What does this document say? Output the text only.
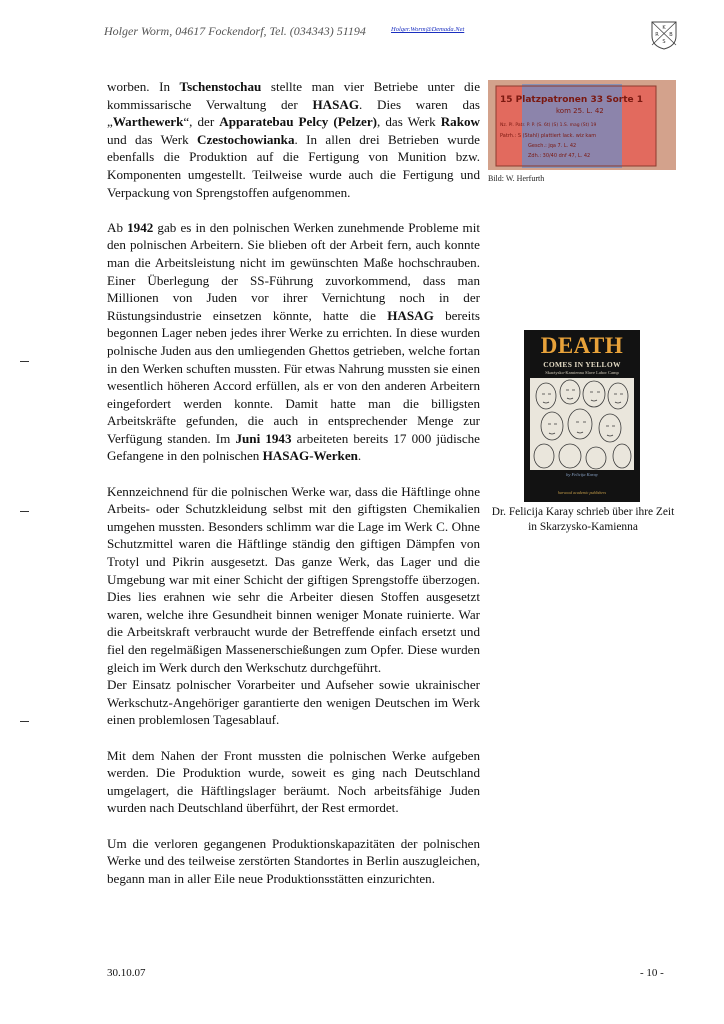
Holger Worm, 04617 Fockendorf, Tel. (034343) 51194	Holger.Worm@Demada.Net	K
R B
S

worben. In Tschenstochau stellte man vier Betriebe unter die kommissarische Verwaltung der HASAG. Dies waren das „Warthewerk“, der Apparatebau Pelcy (Pelzer), das Werk Rakow und das Werk Czestochowianka. In allen drei Betrieben wurde ebenfalls die Produktion auf die Fertigung von Munition bzw. Komponenten umgestellt. Teilweise wurde auch die Fertigung und Verpackung von Sprengstoffen aufgenommen.

Ab 1942 gab es in den polnischen Werken zunehmende Probleme mit den polnischen Arbeitern. Sie blieben oft der Arbeit fern, auch konnte man die Arbeitsleistung nicht im gewünschten Maße hochschrauben. Einer Überlegung der SS-Führung zuvorkommend, dass man Millionen von Juden vor ihrer Vernichtung noch in der Rüstungsindustrie einsetzen könnte, hatte die HASAG bereits begonnen Lager neben jedes ihrer Werke zu errichten. In diese wurden polnische Juden aus den umliegenden Ghettos getrieben, welche fortan in den Werken schuften mussten. Für etwas Nahrung mussten sie einen wesentlich höheren Accord erfüllen, als er von den anderen Arbeitern eingefordert werden konnte. Damit hatte man die billigsten Arbeitskräfte gefunden, die auch in entsprechender Menge zur Verfügung standen. Im Juni 1943 arbeiteten bereits 17 000 jüdische Gefangene in den polnischen HASAG-Werken.

Kennzeichnend für die polnischen Werke war, dass die Häftlinge ohne Arbeits- oder Schutzkleidung selbst mit den giftigsten Chemikalien umgehen mussten. Besonders schlimm war die Lage im Werk C. Ohne Schutzmittel waren die Häftlinge ständig den giftigen Dämpfen von Trotyl und Pikrin ausgesetzt. Das ganze Werk, das Lager und die Umgebung war mit einer Schicht der giftigen Sprengstoffe überzogen. Dies lies erahnen wie sehr die Arbeiter diesen Stoffen ausgesetzt waren, welche ihre Gesundheit binnen weniger Monate ruinierte. War die Arbeitskraft verbraucht wurde der Betreffende einfach ersetzt und fiel den regelmäßigen Massenerschießungen zum Opfer. Diese wurden gleich im Werk durch den Werkschutz durchgeführt.

Der Einsatz polnischer Vorarbeiter und Aufseher sowie ukrainischer Werkschutz-Angehöriger garantierte den wenigen Deutschen im Werk einen problemlosen Tagesablauf.

Mit dem Nahen der Front mussten die polnischen Werke aufgeben werden. Die Produktion wurde, soweit es ging nach Deutschland umgelagert, die Häftlingslager beräumt. Noch arbeitsfähige Juden wurden nach Deutschland überführt, der Rest ermordet.

Um die verloren gegangenen Produktionskapazitäten der polnischen Werke und des teilweise zerstörten Standortes in Berlin auszugleichen, begann man in aller Eile neue Produktionsstätten einzurichten.

15 Platzpatronen 33 Sorte 1
kom 25. L. 42
Nz. Pl. Patr. P. P. (S. 6t) (S) 1.S. mag (St) 19
Patrh.: S (Stahl) plattiert lack. wiz kam
Gesch.: jqa 7. L. 42
Zdh.: 30/40 dnf 47, L. 42
Bild: W. Herfurth
DEATH
COMES IN YELLOW
Skarżysko-Kamienna Slave Labor Camp
by Felicija Karay
harwood academic publishers
Dr. Felicija Karay schrieb über ihre Zeit in Skarzysko-Kamienna
30.10.07	- 10 -
